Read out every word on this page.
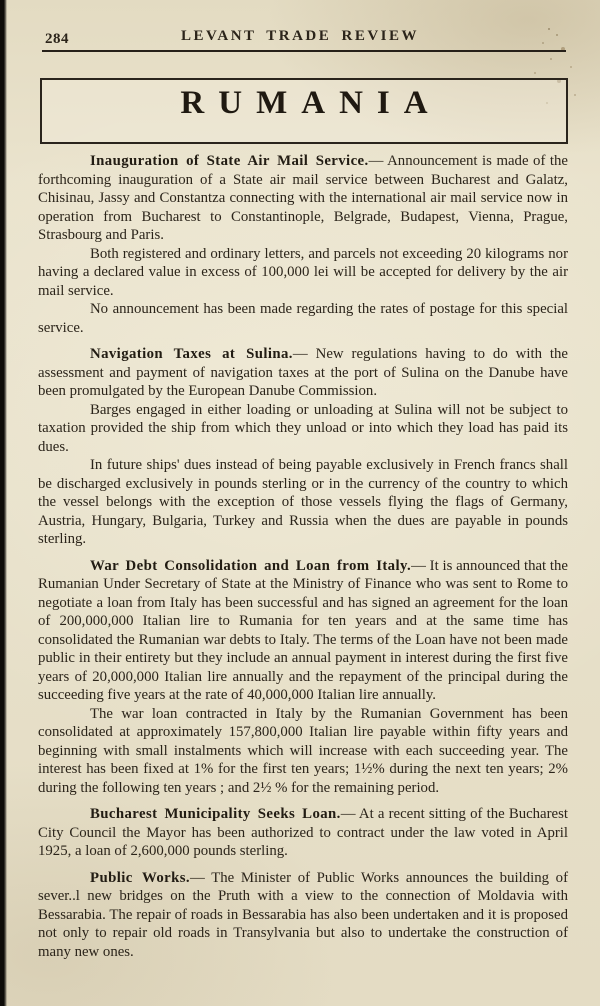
284	LEVANT TRADE REVIEW
RUMANIA

Inauguration of State Air Mail Service.— Announcement is made of the forthcoming inauguration of a State air mail service between Bucharest and Galatz, Chisinau, Jassy and Constantza connecting with the international air mail service now in operation from Bucharest to Constantinople, Belgrade, Budapest, Vienna, Prague, Strasbourg and Paris.

Both registered and ordinary letters, and parcels not exceeding 20 kilograms nor having a declared value in excess of 100,000 lei will be accepted for delivery by the air mail service.

No announcement has been made regarding the rates of postage for this special service.

Navigation Taxes at Sulina.— New regulations having to do with the assessment and payment of navigation taxes at the port of Sulina on the Danube have been promulgated by the European Danube Commission.

Barges engaged in either loading or unloading at Sulina will not be subject to taxation provided the ship from which they unload or into which they load has paid its dues.

In future ships' dues instead of being payable exclusively in French francs shall be discharged exclusively in pounds sterling or in the currency of the country to which the vessel belongs with the exception of those vessels flying the flags of Germany, Austria, Hungary, Bulgaria, Turkey and Russia when the dues are payable in pounds sterling.

War Debt Consolidation and Loan from Italy.— It is announced that the Rumanian Under Secretary of State at the Ministry of Finance who was sent to Rome to negotiate a loan from Italy has been successful and has signed an agreement for the loan of 200,000,000 Italian lire to Rumania for ten years and at the same time has consolidated the Rumanian war debts to Italy. The terms of the Loan have not been made public in their entirety but they include an annual payment in interest during the first five years of 20,000,000 Italian lire annually and the repayment of the principal during the succeeding five years at the rate of 40,000,000 Italian lire annually.

The war loan contracted in Italy by the Rumanian Government has been consolidated at approximately 157,800,000 Italian lire payable within fifty years and beginning with small instalments which will increase with each succeeding year. The interest has been fixed at 1% for the first ten years; 1½% during the next ten years; 2% during the following ten years ; and 2½ % for the remaining period.

Bucharest Municipality Seeks Loan.— At a recent sitting of the Bucharest City Council the Mayor has been authorized to contract under the law voted in April 1925, a loan of 2,600,000 pounds sterling.

Public Works.— The Minister of Public Works announces the building of sever..l new bridges on the Pruth with a view to the connection of Moldavia with Bessarabia. The repair of roads in Bessarabia has also been undertaken and it is proposed not only to repair old roads in Transylvania but also to undertake the construction of many new ones.
